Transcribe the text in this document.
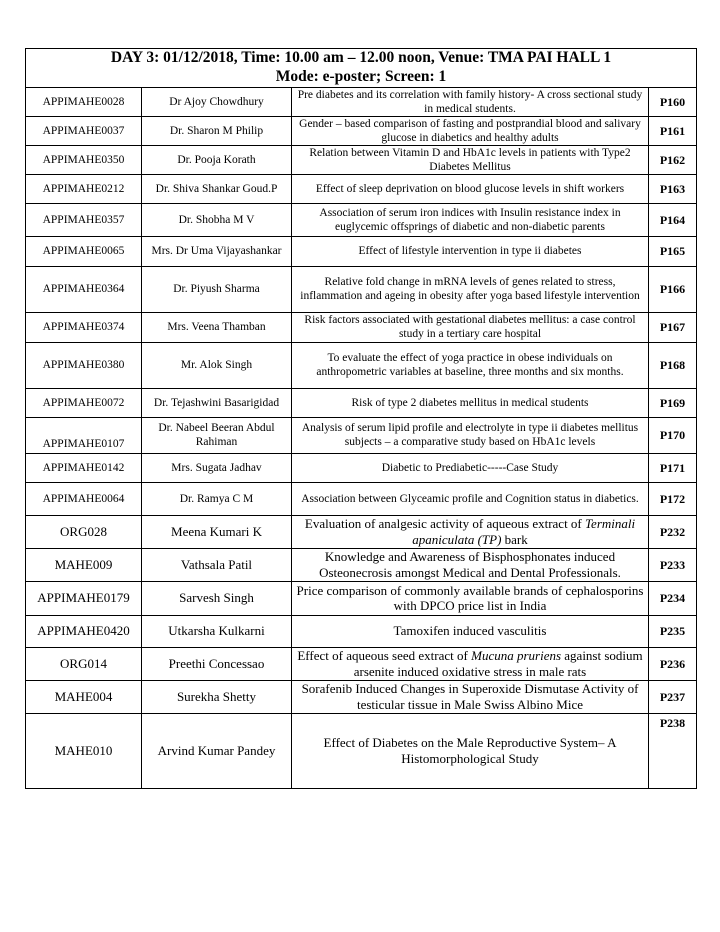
DAY 3: 01/12/2018, Time: 10.00 am – 12.00 noon, Venue: TMA PAI HALL 1
Mode: e-poster; Screen: 1			

APPIMAHE0028	Dr Ajoy Chowdhury	Pre diabetes and its correlation with family history- A cross sectional study in medical students.	P160
APPIMAHE0037	Dr. Sharon M Philip	Gender – based comparison of fasting and postprandial blood and salivary glucose in diabetics and healthy adults	P161
APPIMAHE0350	Dr. Pooja Korath	Relation between Vitamin D and HbA1c levels in patients with Type2 Diabetes Mellitus	P162
APPIMAHE0212	Dr. Shiva Shankar Goud.P	Effect of sleep deprivation on blood glucose levels in shift workers	P163
APPIMAHE0357	Dr. Shobha M V	Association of serum iron indices with Insulin resistance index in euglycemic offsprings of diabetic and non-diabetic parents	P164
APPIMAHE0065	Mrs. Dr Uma Vijayashankar	Effect of lifestyle intervention in type ii diabetes	P165
APPIMAHE0364	Dr. Piyush Sharma	Relative fold change in mRNA levels of genes related to stress, inflammation and ageing in obesity after yoga based lifestyle intervention	P166
APPIMAHE0374	Mrs. Veena Thamban	Risk factors associated with gestational diabetes mellitus: a case control study in a tertiary care hospital	P167
APPIMAHE0380	Mr. Alok Singh	To evaluate the effect of yoga practice in obese individuals on anthropometric variables at baseline, three months and six months.	P168
APPIMAHE0072	Dr. Tejashwini Basarigidad	Risk of type 2 diabetes mellitus in medical students	P169
APPIMAHE0107	Dr. Nabeel Beeran Abdul Rahiman	Analysis of serum lipid profile and electrolyte in type ii diabetes mellitus subjects – a comparative study based on HbA1c levels	P170
APPIMAHE0142	Mrs. Sugata Jadhav	Diabetic to Prediabetic-----Case Study	P171
APPIMAHE0064	Dr. Ramya C M	Association between Glyceamic profile and Cognition status in diabetics.	P172
ORG028	Meena Kumari K	Evaluation of analgesic activity of aqueous extract of Terminali apaniculata (TP) bark	P232
MAHE009	Vathsala Patil	Knowledge and Awareness of Bisphosphonates induced Osteonecrosis amongst Medical and Dental Professionals.	P233
APPIMAHE0179	Sarvesh Singh	Price comparison of commonly available brands of cephalosporins with DPCO price list in India	P234
APPIMAHE0420	Utkarsha Kulkarni	Tamoxifen induced vasculitis	P235
ORG014	Preethi Concessao	Effect of aqueous seed extract of Mucuna pruriens against sodium arsenite induced oxidative stress in male rats	P236
MAHE004	Surekha Shetty	Sorafenib Induced Changes in Superoxide Dismutase Activity of testicular tissue in Male Swiss Albino Mice	P237
MAHE010	Arvind Kumar Pandey	Effect of Diabetes on the Male Reproductive System– A Histomorphological Study	P238
